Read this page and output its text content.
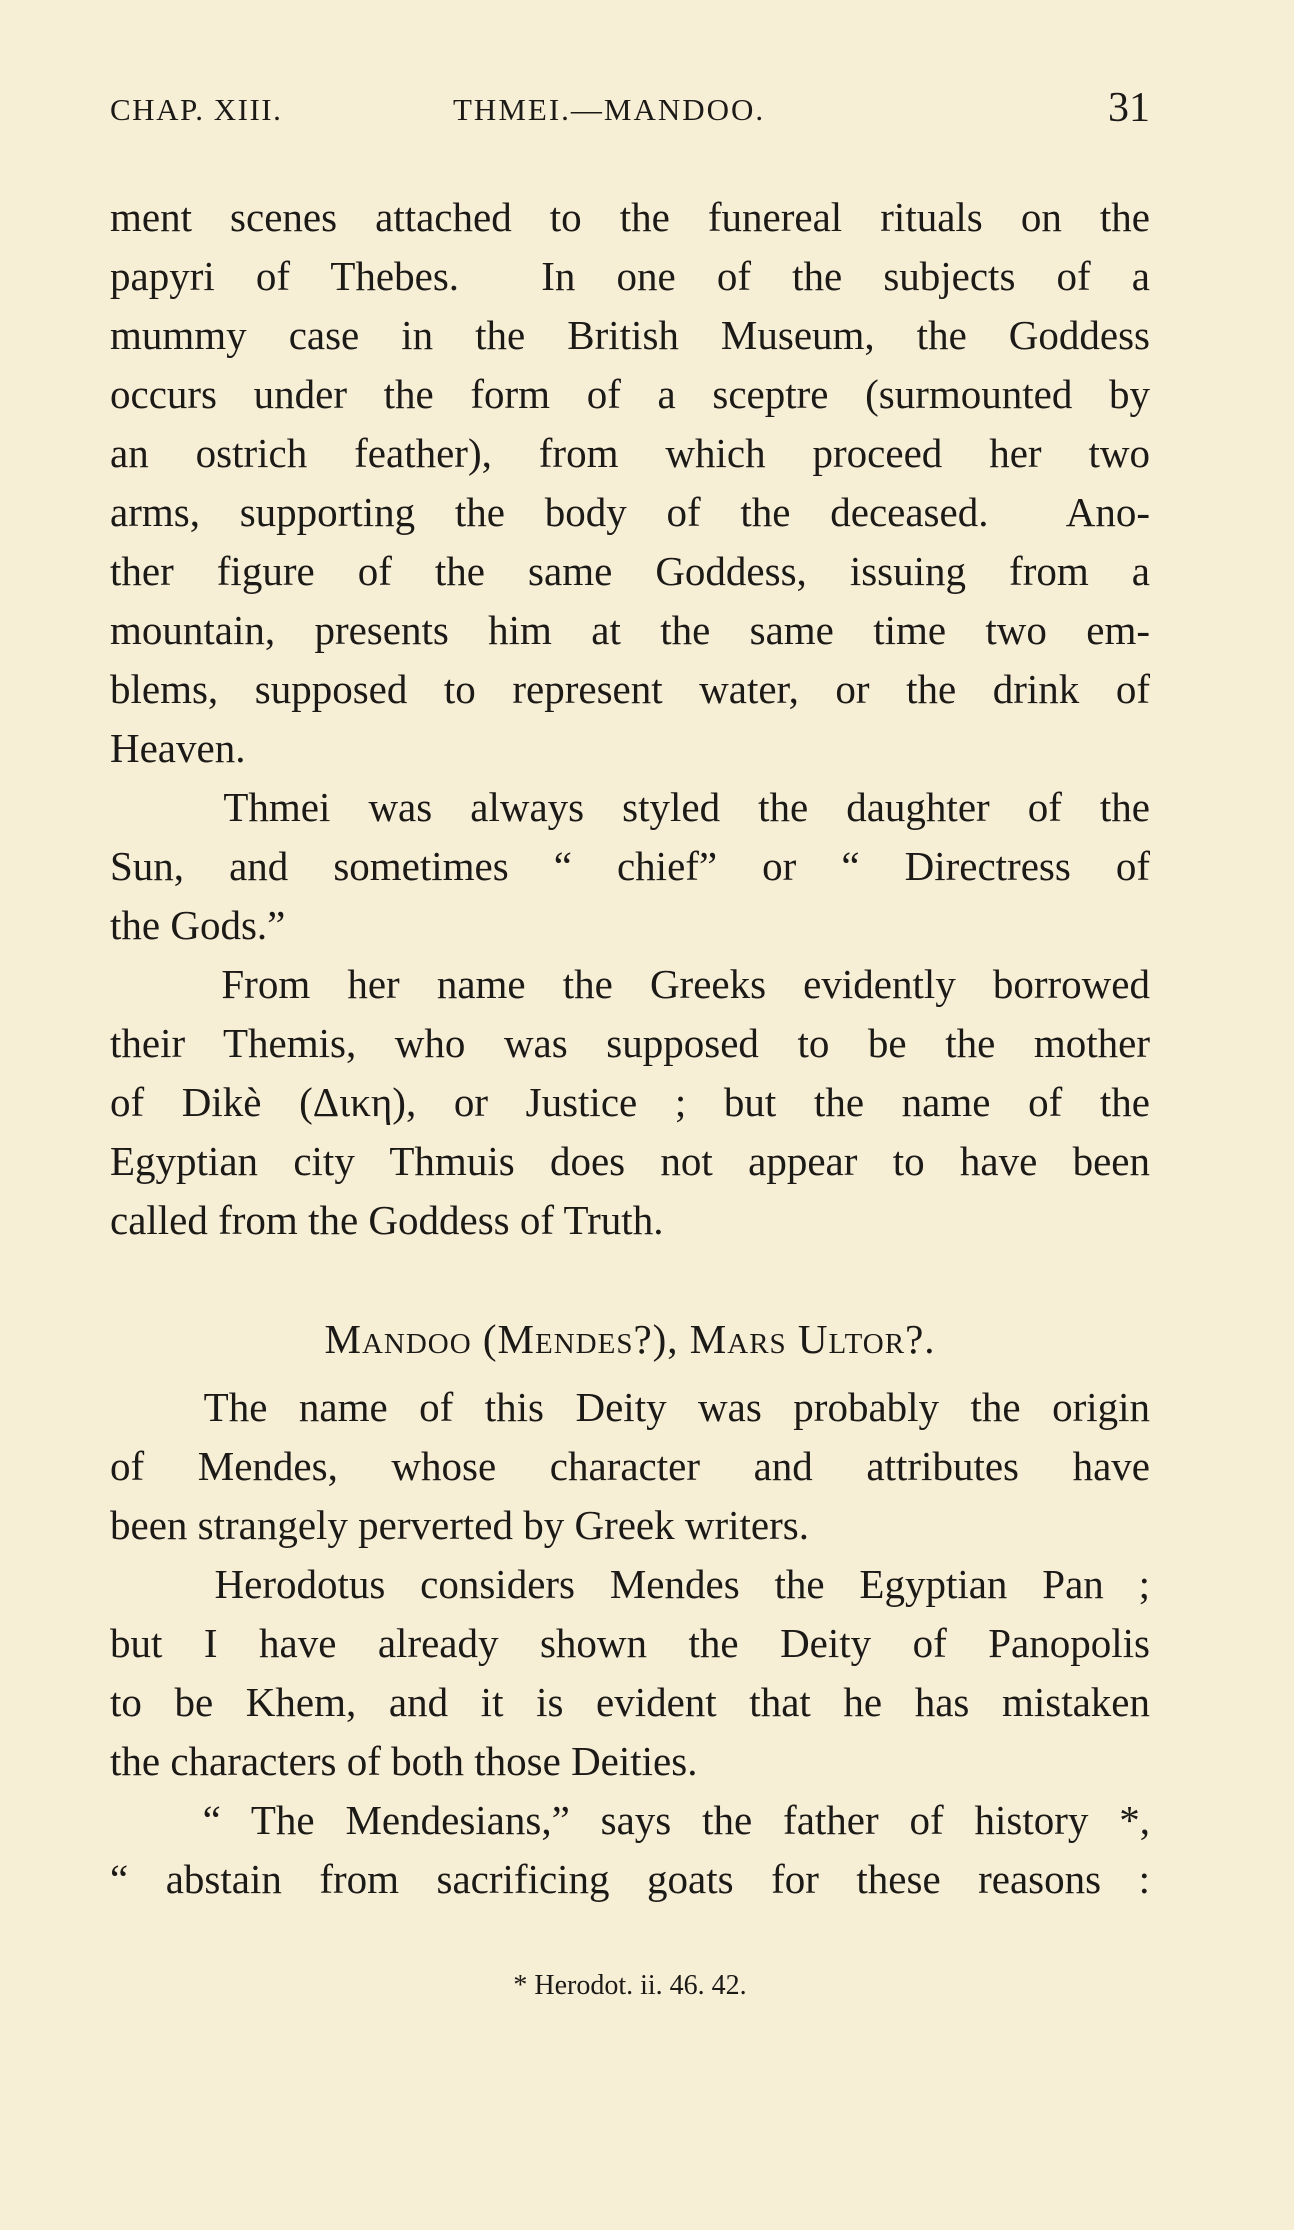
CHAP. XIII.	THMEI.—MANDOO.	31
ment scenes attached to the funereal rituals on the
papyri of Thebes.  In one of the subjects of a
mummy case in the British Museum, the Goddess
occurs under the form of a sceptre (surmounted by
an ostrich feather), from which proceed her two
arms, supporting the body of the deceased.  Ano-
ther figure of the same Goddess, issuing from a
mountain, presents him at the same time two em-
blems, supposed to represent water, or the drink of
Heaven.
Thmei was always styled the daughter of the
Sun, and sometimes “ chief” or “ Directress of
the Gods.”
From her name the Greeks evidently borrowed
their Themis, who was supposed to be the mother
of Dikè (Δικη), or Justice ; but the name of the
Egyptian city Thmuis does not appear to have been
called from the Goddess of Truth.
Mandoo (Mendes?), Mars Ultor?.
The name of this Deity was probably the origin
of Mendes, whose character and attributes have
been strangely perverted by Greek writers.
Herodotus considers Mendes the Egyptian Pan ;
but I have already shown the Deity of Panopolis
to be Khem, and it is evident that he has mistaken
the characters of both those Deities.
“ The Mendesians,” says the father of history *,
“ abstain from sacrificing goats for these reasons :
* Herodot. ii. 46. 42.
